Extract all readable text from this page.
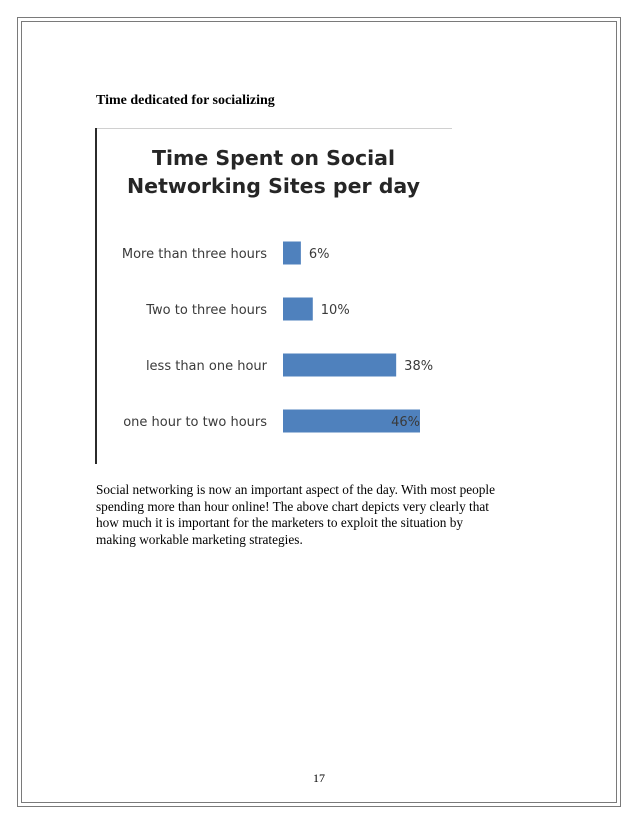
Time dedicated for socializing
Time Spent on Social
Networking Sites per day
More than three hours	6%
Two to three hours	10%
less than one hour	38%
one hour to two hours	46%
Social networking is now an important aspect of the day. With most people
spending more than hour online! The above chart depicts very clearly that
how much it is important for the marketers to exploit the situation by
making workable marketing strategies.
17
